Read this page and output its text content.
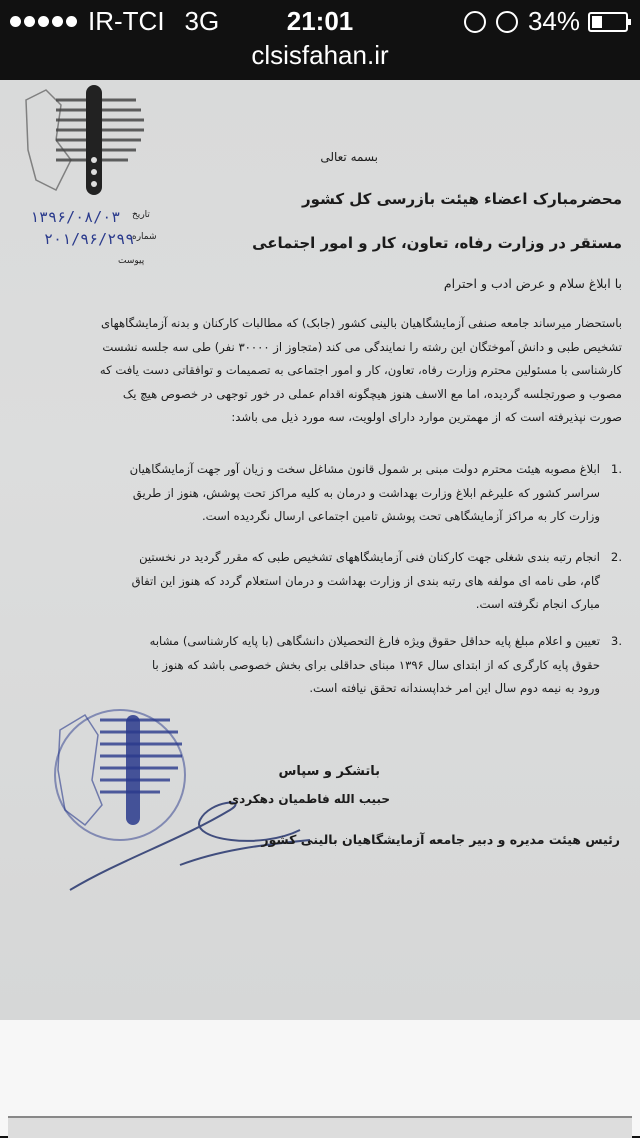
IR-TCI 3G	21:01	34%
clsisfahan.ir
بسمه تعالی
محضرمبارک اعضاء هیئت بازرسی کل کشور
مستقر در وزارت رفاه، تعاون، کار و امور اجتماعی
با ابلاغ سلام و عرض ادب و احترام
۱۳۹۶/۰۸/۰۳ تاریخ
۲۰۱/۹۶/۲۹۹
شماره
پیوست

باستحضار میرساند جامعه صنفی آزمایشگاهیان بالینی کشور (جابک) که مطالبات کارکنان و بدنه آزمایشگاههای

تشخیص طبی و دانش آموختگان این رشته را نمایندگی می کند (متجاوز از ۳۰۰۰۰ نفر) طی سه جلسه نشست

کارشناسی با مسئولین محترم وزارت رفاه، تعاون، کار و امور اجتماعی به تصمیمات و توافقاتی دست یافت که

مصوب و صورتجلسه گردیده، اما مع الاسف هنوز هیچگونه اقدام عملی در خور توجهی در خصوص هیچ یک

صورت نپذیرفته است که از مهمترین موارد دارای اولویت، سه مورد ذیل می باشد:

.1

ابلاغ مصوبه هیئت محترم دولت مبنی بر شمول قانون مشاغل سخت و زیان آور جهت آزمایشگاهیان

سراسر کشور که علیرغم ابلاغ وزارت بهداشت و درمان به کلیه مراکز تحت پوشش، هنوز از طریق

وزارت کار به مراکز آزمایشگاهی تحت پوشش تامین اجتماعی ارسال نگردیده است.

.2

انجام رتبه بندی شغلی جهت کارکنان فنی آزمایشگاههای تشخیص طبی که مقرر گردید در نخستین

گام، طی نامه ای مولفه های رتبه بندی از وزارت بهداشت و درمان استعلام گردد که هنوز این اتفاق

مبارک انجام نگرفته است.

.3

تعیین و اعلام مبلغ پایه حداقل حقوق ویژه فارغ التحصیلان دانشگاهی (با پایه کارشناسی) مشابه

حقوق پایه کارگری که از ابتدای سال ۱۳۹۶ مبنای حداقلی برای بخش خصوصی باشد که هنوز با

ورود به نیمه دوم سال این امر خداپسندانه تحقق نیافته است.

باتشکر و سپاس
حبیب الله فاطمیان دهکردی
رئیس هیئت مدیره و دبیر جامعه آزمایشگاهیان بالینی کشور
